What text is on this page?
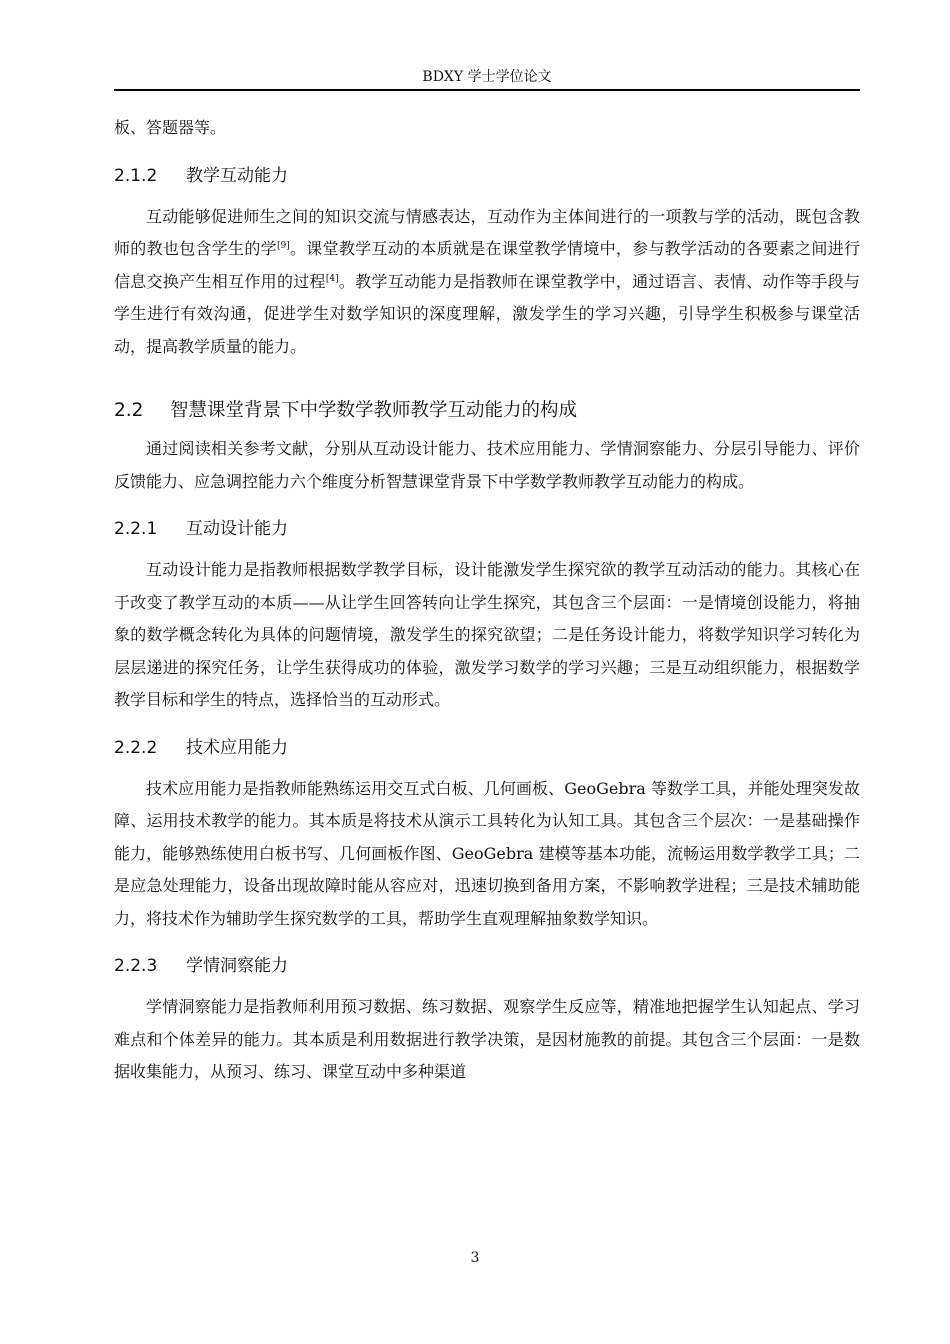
BDXY 学士学位论文

板、答题器等。

2.1.2 教学互动能力

互动能够促进师生之间的知识交流与情感表达，互动作为主体间进行的一项教与学的活动，既包含教师的教也包含学生的学[9]。课堂教学互动的本质就是在课堂教学情境中，参与教学活动的各要素之间进行信息交换产生相互作用的过程[4]。教学互动能力是指教师在课堂教学中，通过语言、表情、动作等手段与学生进行有效沟通，促进学生对数学知识的深度理解，激发学生的学习兴趣，引导学生积极参与课堂活动，提高教学质量的能力。

2.2 智慧课堂背景下中学数学教师教学互动能力的构成

通过阅读相关参考文献，分别从互动设计能力、技术应用能力、学情洞察能力、分层引导能力、评价反馈能力、应急调控能力六个维度分析智慧课堂背景下中学数学教师教学互动能力的构成。

2.2.1 互动设计能力

互动设计能力是指教师根据数学教学目标，设计能激发学生探究欲的教学互动活动的能力。其核心在于改变了教学互动的本质——从让学生回答转向让学生探究，其包含三个层面：一是情境创设能力，将抽象的数学概念转化为具体的问题情境，激发学生的探究欲望；二是任务设计能力，将数学知识学习转化为层层递进的探究任务，让学生获得成功的体验，激发学习数学的学习兴趣；三是互动组织能力，根据数学教学目标和学生的特点，选择恰当的互动形式。

2.2.2 技术应用能力

技术应用能力是指教师能熟练运用交互式白板、几何画板、GeoGebra 等数学工具，并能处理突发故障、运用技术教学的能力。其本质是将技术从演示工具转化为认知工具。其包含三个层次：一是基础操作能力，能够熟练使用白板书写、几何画板作图、GeoGebra 建模等基本功能，流畅运用数学教学工具；二是应急处理能力，设备出现故障时能从容应对，迅速切换到备用方案，不影响教学进程；三是技术辅助能力，将技术作为辅助学生探究数学的工具，帮助学生直观理解抽象数学知识。

2.2.3 学情洞察能力

学情洞察能力是指教师利用预习数据、练习数据、观察学生反应等，精准地把握学生认知起点、学习难点和个体差异的能力。其本质是利用数据进行教学决策，是因材施教的前提。其包含三个层面：一是数据收集能力，从预习、练习、课堂互动中多种渠道

3
